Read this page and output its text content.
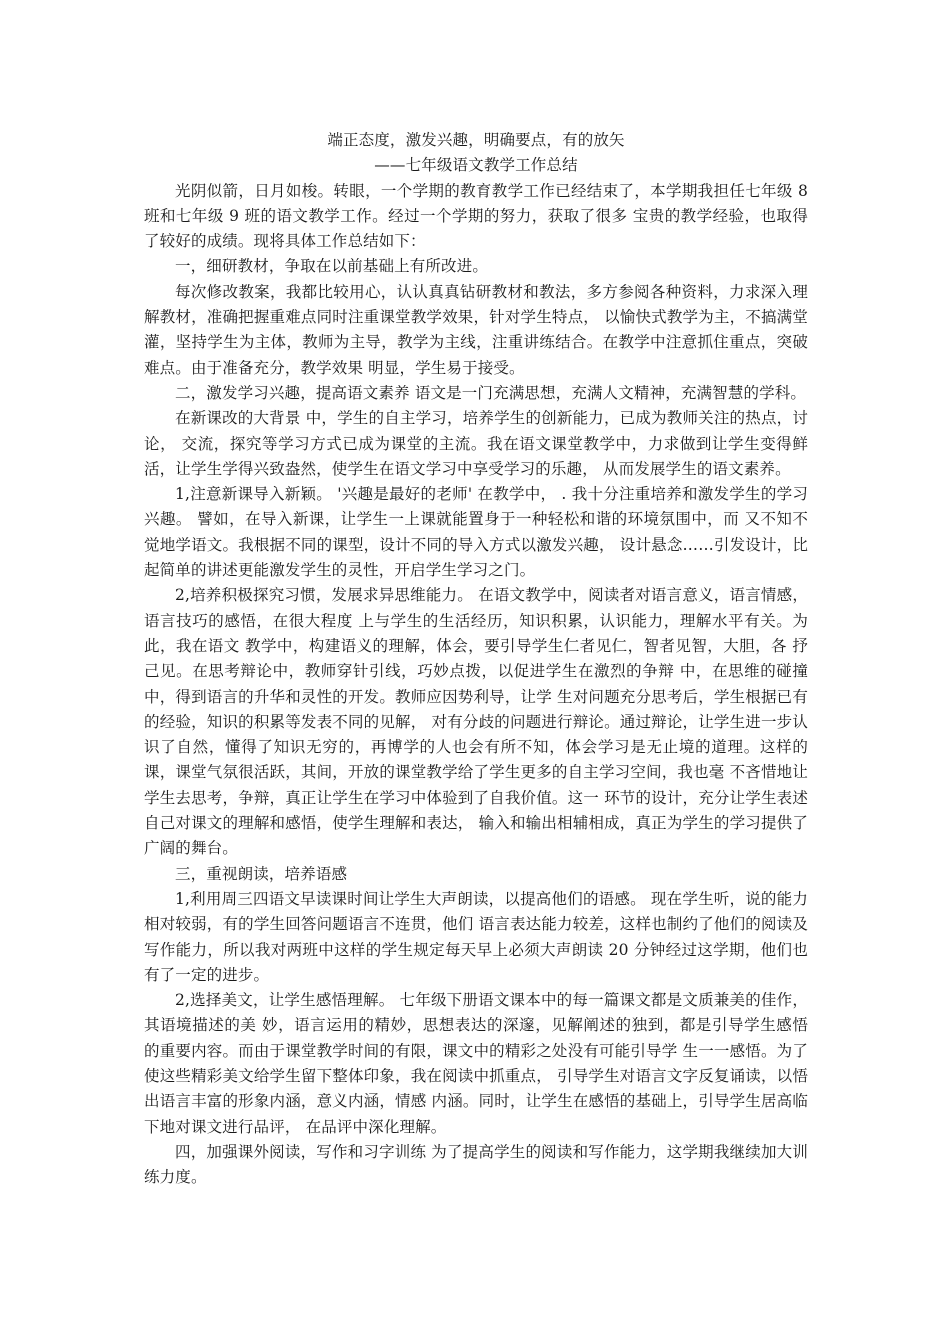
端正态度，激发兴趣，明确要点，有的放矢

——七年级语文教学工作总结

光阴似箭，日月如梭。转眼，一个学期的教育教学工作已经结束了，本学期我担任七年级 8 班和七年级 9 班的语文教学工作。经过一个学期的努力，获取了很多 宝贵的教学经验，也取得了较好的成绩。现将具体工作总结如下：

一，细研教材，争取在以前基础上有所改进。

每次修改教案，我都比较用心，认认真真钻研教材和教法，多方参阅各种资料，力求深入理解教材，准确把握重难点同时注重课堂教学效果，针对学生特点， 以愉快式教学为主，不搞满堂灌，坚持学生为主体，教师为主导，教学为主线，注重讲练结合。在教学中注意抓住重点，突破难点。由于准备充分，教学效果 明显，学生易于接受。

二，激发学习兴趣，提高语文素养 语文是一门充满思想，充满人文精神，充满智慧的学科。

在新课改的大背景 中，学生的自主学习，培养学生的创新能力，已成为教师关注的热点，讨论， 交流，探究等学习方式已成为课堂的主流。我在语文课堂教学中，力求做到让学生变得鲜活，让学生学得兴致盎然，使学生在语文学习中享受学习的乐趣， 从而发展学生的语文素养。

1,注意新课导入新颖。 '兴趣是最好的老师' 在教学中， . 我十分注重培养和激发学生的学习兴趣。 譬如，在导入新课，让学生一上课就能置身于一种轻松和谐的环境氛围中，而 又不知不觉地学语文。我根据不同的课型，设计不同的导入方式以激发兴趣， 设计悬念……引发设计，比起简单的讲述更能激发学生的灵性，开启学生学习之门。

2,培养积极探究习惯，发展求异思维能力。 在语文教学中，阅读者对语言意义，语言情感，语言技巧的感悟，在很大程度 上与学生的生活经历，知识积累，认识能力，理解水平有关。为此，我在语文 教学中，构建语义的理解，体会，要引导学生仁者见仁，智者见智，大胆，各 抒己见。在思考辩论中，教师穿针引线，巧妙点拨，以促进学生在激烈的争辩 中，在思维的碰撞中，得到语言的升华和灵性的开发。教师应因势利导，让学 生对问题充分思考后，学生根据已有的经验，知识的积累等发表不同的见解， 对有分歧的问题进行辩论。通过辩论，让学生进一步认识了自然，懂得了知识无穷的，再博学的人也会有所不知，体会学习是无止境的道理。这样的课，课堂气氛很活跃，其间，开放的课堂教学给了学生更多的自主学习空间，我也毫 不吝惜地让学生去思考，争辩，真正让学生在学习中体验到了自我价值。这一 环节的设计，充分让学生表述自己对课文的理解和感悟，使学生理解和表达， 输入和输出相辅相成，真正为学生的学习提供了广阔的舞台。

三，重视朗读，培养语感

1,利用周三四语文早读课时间让学生大声朗读，以提高他们的语感。 现在学生听，说的能力相对较弱，有的学生回答问题语言不连贯，他们 语言表达能力较差，这样也制约了他们的阅读及写作能力，所以我对两班中这样的学生规定每天早上必须大声朗读 20 分钟经过这学期，他们也有了一定的进步。

2,选择美文，让学生感悟理解。 七年级下册语文课本中的每一篇课文都是文质兼美的佳作， 其语境描述的美 妙，语言运用的精妙，思想表达的深邃，见解阐述的独到，都是引导学生感悟 的重要内容。而由于课堂教学时间的有限，课文中的精彩之处没有可能引导学 生一一感悟。为了使这些精彩美文给学生留下整体印象，我在阅读中抓重点， 引导学生对语言文字反复诵读，以悟出语言丰富的形象内涵，意义内涵，情感 内涵。同时，让学生在感悟的基础上，引导学生居高临下地对课文进行品评， 在品评中深化理解。

四，加强课外阅读，写作和习字训练 为了提高学生的阅读和写作能力，这学期我继续加大训练力度。
